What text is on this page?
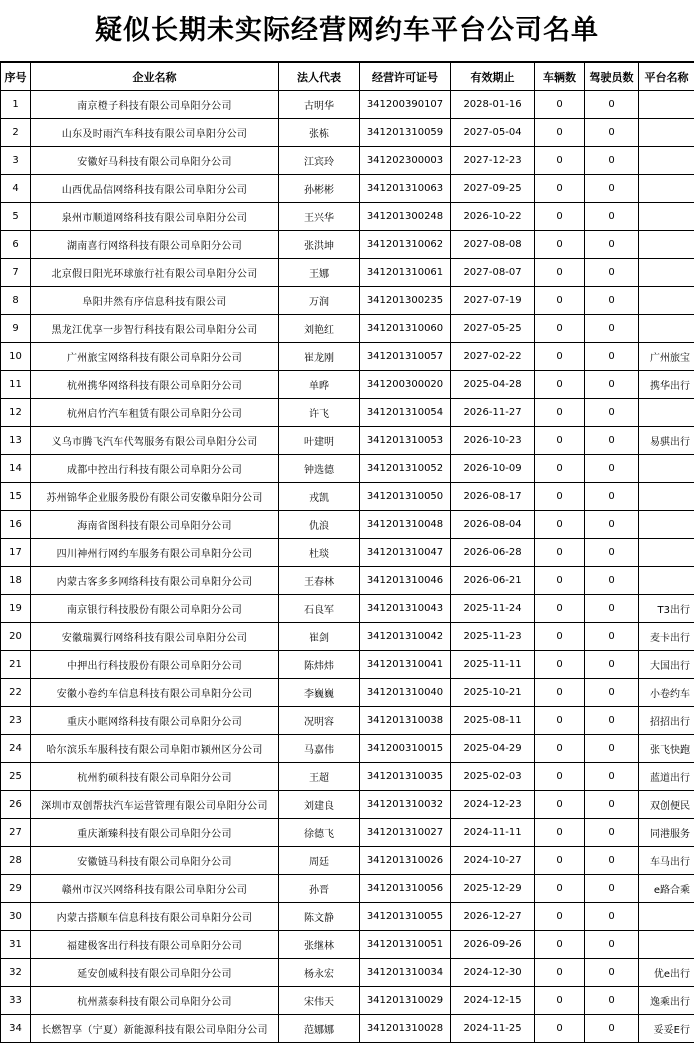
疑似长期未实际经营网约车平台公司名单
序号	企业名称	法人代表	经营许可证号	有效期止	车辆数	驾驶员数	平台名称
1	南京橙子科技有限公司阜阳分公司	古明华	341200390107	2028-01-16	0	0	
2	山东及时雨汽车科技有限公司阜阳分公司	张栋	341201310059	2027-05-04	0	0	
3	安徽好马科技有限公司阜阳分公司	江宾玲	341202300003	2027-12-23	0	0	
4	山西优品信网络科技有限公司阜阳分公司	孙彬彬	341201310063	2027-09-25	0	0	
5	泉州市顺道网络科技有限公司阜阳分公司	王兴华	341201300248	2026-10-22	0	0	
6	湖南喜行网络科技有限公司阜阳分公司	张洪坤	341201310062	2027-08-08	0	0	
7	北京假日阳光环球旅行社有限公司阜阳分公司	王娜	341201310061	2027-08-07	0	0	
8	阜阳井然有序信息科技有限公司	万润	341201300235	2027-07-19	0	0	
9	黑龙江优享一步智行科技有限公司阜阳分公司	刘艳红	341201310060	2027-05-25	0	0	
10	广州旅宝网络科技有限公司阜阳分公司	崔龙刚	341201310057	2027-02-22	0	0	广州旅宝
11	杭州携华网络科技有限公司阜阳分公司	单晔	341200300020	2025-04-28	0	0	携华出行
12	杭州启竹汽车租赁有限公司阜阳分公司	许飞	341201310054	2026-11-27	0	0	
13	义乌市腾飞汽车代驾服务有限公司阜阳分公司	叶建明	341201310053	2026-10-23	0	0	易骐出行
14	成都中控出行科技有限公司阜阳分公司	钟选德	341201310052	2026-10-09	0	0	
15	苏州锦华企业服务股份有限公司安徽阜阳分公司	戎凯	341201310050	2026-08-17	0	0	
16	海南省图科技有限公司阜阳分公司	仇浪	341201310048	2026-08-04	0	0	
17	四川神州行网约车服务有限公司阜阳分公司	杜琰	341201310047	2026-06-28	0	0	
18	内蒙古客多多网络科技有限公司阜阳分公司	王春林	341201310046	2026-06-21	0	0	
19	南京银行科技股份有限公司阜阳分公司	石良军	341201310043	2025-11-24	0	0	T3出行
20	安徽瑞翼行网络科技有限公司阜阳分公司	崔剑	341201310042	2025-11-23	0	0	麦卡出行
21	中押出行科技股份有限公司阜阳分公司	陈炜炜	341201310041	2025-11-11	0	0	大国出行
22	安徽小卷约车信息科技有限公司阜阳分公司	李巍巍	341201310040	2025-10-21	0	0	小卷约车
23	重庆小眶网络科技有限公司阜阳分公司	况明容	341201310038	2025-08-11	0	0	招招出行
24	哈尔滨乐车服科技有限公司阜阳市颍州区分公司	马嘉伟	341200310015	2025-04-29	0	0	张飞快跑
25	杭州豹硕科技有限公司阜阳分公司	王超	341201310035	2025-02-03	0	0	蓝道出行
26	深圳市双创帮扶汽车运营管理有限公司阜阳分公司	刘建良	341201310032	2024-12-23	0	0	双创便民
27	重庆渐臻科技有限公司阜阳分公司	徐德飞	341201310027	2024-11-11	0	0	同港服务
28	安徽链马科技有限公司阜阳分公司	周廷	341201310026	2024-10-27	0	0	车马出行
29	赣州市汉兴网络科技有限公司阜阳分公司	孙晋	341201310056	2025-12-29	0	0	e路合乘
30	内蒙古搭顺车信息科技有限公司阜阳分公司	陈文静	341201310055	2026-12-27	0	0	
31	福建极客出行科技有限公司阜阳分公司	张继林	341201310051	2026-09-26	0	0	
32	延安创威科技有限公司阜阳分公司	杨永宏	341201310034	2024-12-30	0	0	优e出行
33	杭州蒸泰科技有限公司阜阳分公司	宋伟天	341201310029	2024-12-15	0	0	逸乘出行
34	长燃智享（宁夏）新能源科技有限公司阜阳分公司	范娜娜	341201310028	2024-11-25	0	0	妥妥E行
